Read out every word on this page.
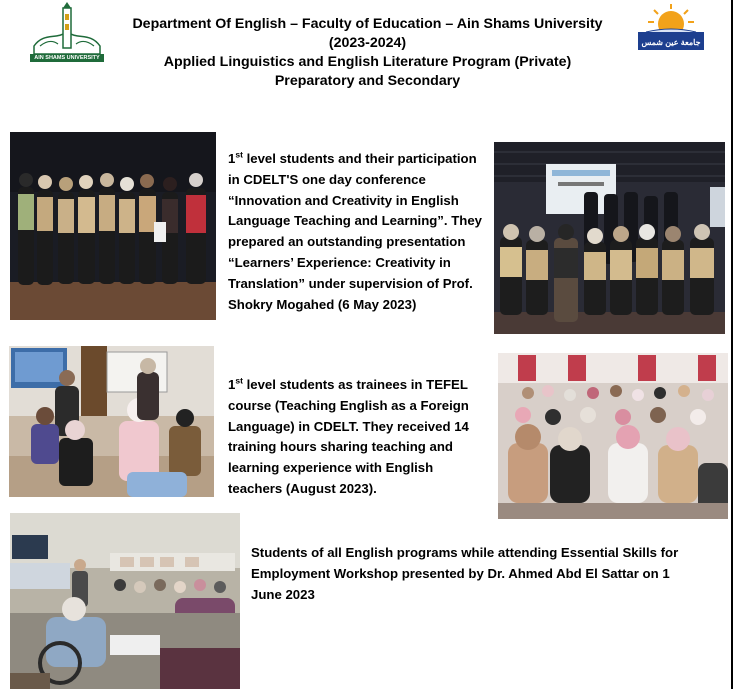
AIN SHAMS UNIVERSITY
جامعة عين شمس
Department Of English – Faculty of Education – Ain Shams University
(2023-2024)
Applied Linguistics and English Literature Program (Private)
Preparatory and Secondary
1st level students and their participation in CDELT'S one day conference “Innovation and Creativity in English Language Teaching and Learning”. They prepared an outstanding presentation “Learners’ Experience: Creativity in Translation” under supervision of Prof. Shokry Mogahed (6 May 2023)
1st level students as trainees in TEFEL course (Teaching English as a Foreign Language) in CDELT. They received 14 training hours sharing teaching and learning experience with English teachers (August 2023).
Students of all English programs while attending Essential Skills for Employment Workshop presented by Dr. Ahmed Abd El Sattar on 1 June 2023
